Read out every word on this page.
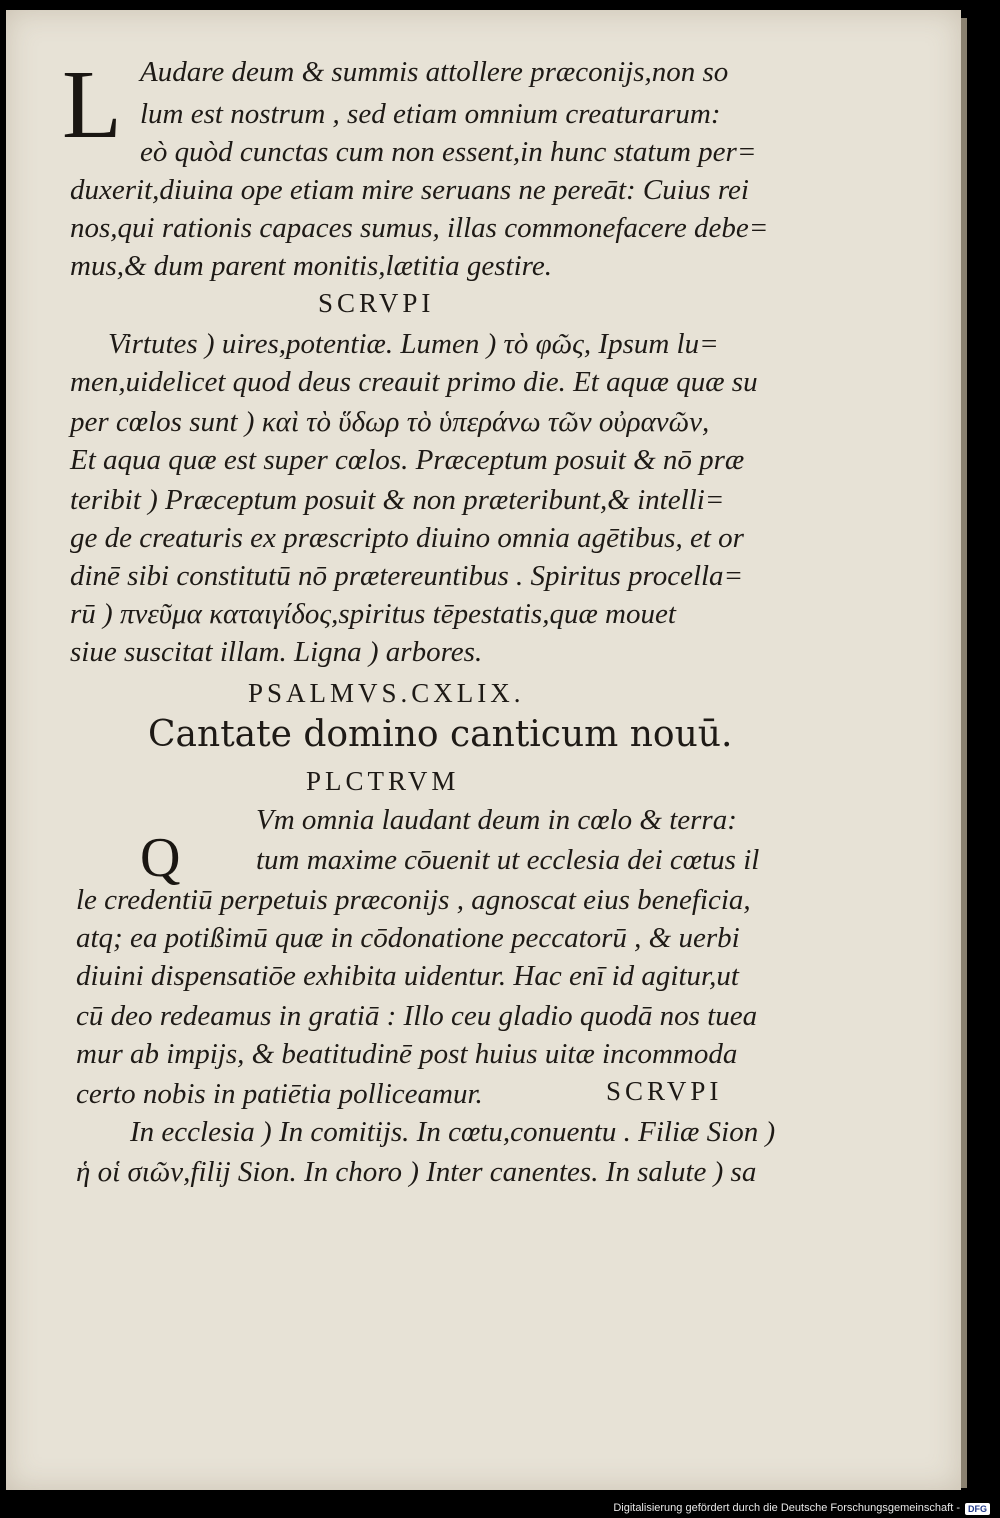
L Audare deum & summis attollere præconijs,non so
lum est nostrum , sed etiam omnium creaturarum:
eò quòd cunctas cum non essent,in hunc statum per=
duxerit,diuina ope etiam mire seruans ne pereāt: Cuius rei
nos,qui rationis capaces sumus, illas commonefacere debe=
mus,& dum parent monitis,lætitia gestire.
SCRVPI
Virtutes ) uires,potentiæ. Lumen ) τὸ φῶς, Ipsum lu=
men,uidelicet quod deus creauit primo die. Et aquæ quæ su
per cœlos sunt ) καὶ τὸ ὕδωρ τὸ ὑπεράνω τῶν οὐρανῶν,
Et aqua quæ est super cœlos. Præceptum posuit & nō præ
teribit ) Præceptum posuit & non præteribunt,& intelli=
ge de creaturis ex præscripto diuino omnia agētibus, et or
dinē sibi constitutū nō prætereuntibus . Spiritus procella=
rū ) πνεῦμα καταιγίδος,spiritus tēpestatis,quæ mouet
siue suscitat illam. Ligna ) arbores.
PSALMVS.CXLIX.
Cantate domino canticum nouū.
PLCTRVM
Q
Vm omnia laudant deum in cœlo & terra:
tum maxime cōuenit ut ecclesia dei cœtus il
le credentiū perpetuis præconijs , agnoscat eius beneficia,
atq; ea potißimū quæ in cōdonatione peccatorū , & uerbi
diuini dispensatiōe exhibita uidentur. Hac enī id agitur,ut
cū deo redeamus in gratiā : Illo ceu gladio quodā nos tuea
mur ab impijs, & beatitudinē post huius uitæ incommoda
certo nobis in patiētia polliceamur.	SCRVPI
In ecclesia ) In comitijs. In cœtu,conuentu . Filiæ Sion )
ἡ οἱ σιῶν,filij Sion. In choro ) Inter canentes. In salute ) sa
Digitalisierung gefördert durch die Deutsche Forschungsgemeinschaft - DFG
